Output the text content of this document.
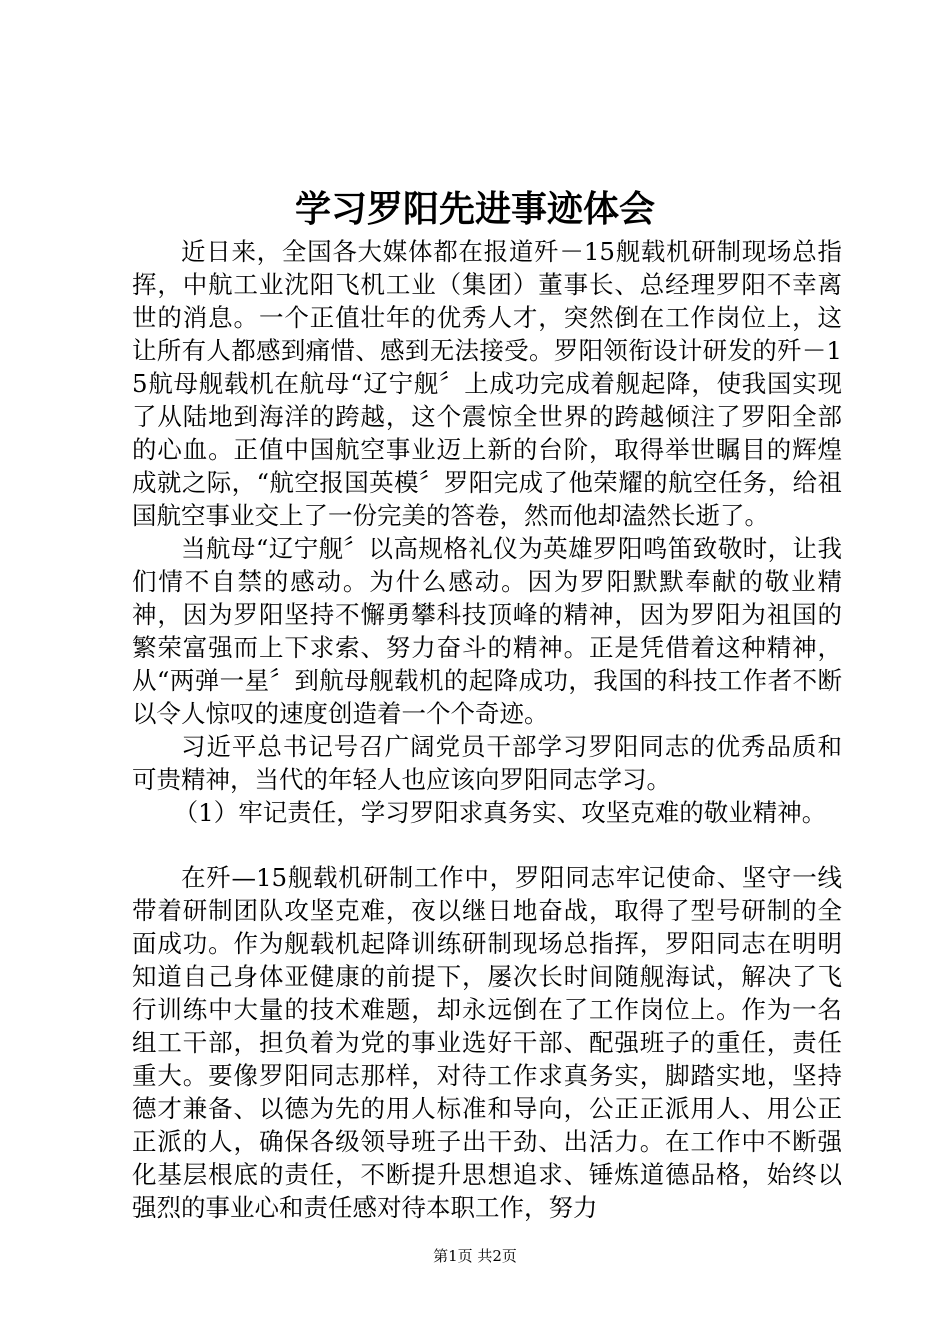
学习罗阳先进事迹体会

近日来，全国各大媒体都在报道歼－15舰载机研制现场总指挥，中航工业沈阳飞机工业（集团）董事长、总经理罗阳不幸离世的消息。一个正值壮年的优秀人才，突然倒在工作岗位上，这让所有人都感到痛惜、感到无法接受。罗阳领衔设计研发的歼－15航母舰载机在航母“辽宁舰〞上成功完成着舰起降，使我国实现了从陆地到海洋的跨越，这个震惊全世界的跨越倾注了罗阳全部的心血。正值中国航空事业迈上新的台阶，取得举世瞩目的辉煌成就之际，“航空报国英模〞罗阳完成了他荣耀的航空任务，给祖国航空事业交上了一份完美的答卷，然而他却溘然长逝了。

当航母“辽宁舰〞以高规格礼仪为英雄罗阳鸣笛致敬时，让我们情不自禁的感动。为什么感动。因为罗阳默默奉献的敬业精神，因为罗阳坚持不懈勇攀科技顶峰的精神，因为罗阳为祖国的繁荣富强而上下求索、努力奋斗的精神。正是凭借着这种精神，从“两弹一星〞到航母舰载机的起降成功，我国的科技工作者不断以令人惊叹的速度创造着一个个奇迹。

习近平总书记号召广阔党员干部学习罗阳同志的优秀品质和可贵精神，当代的年轻人也应该向罗阳同志学习。

（1）牢记责任，学习罗阳求真务实、攻坚克难的敬业精神。

在歼—15舰载机研制工作中，罗阳同志牢记使命、坚守一线带着研制团队攻坚克难，夜以继日地奋战，取得了型号研制的全面成功。作为舰载机起降训练研制现场总指挥，罗阳同志在明明知道自己身体亚健康的前提下，屡次长时间随舰海试，解决了飞行训练中大量的技术难题，却永远倒在了工作岗位上。作为一名组工干部，担负着为党的事业选好干部、配强班子的重任，责任重大。要像罗阳同志那样，对待工作求真务实，脚踏实地，坚持德才兼备、以德为先的用人标准和导向，公正正派用人、用公正正派的人，确保各级领导班子出干劲、出活力。在工作中不断强化基层根底的责任，不断提升思想追求、锤炼道德品格，始终以强烈的事业心和责任感对待本职工作，努力

第1页 共2页
